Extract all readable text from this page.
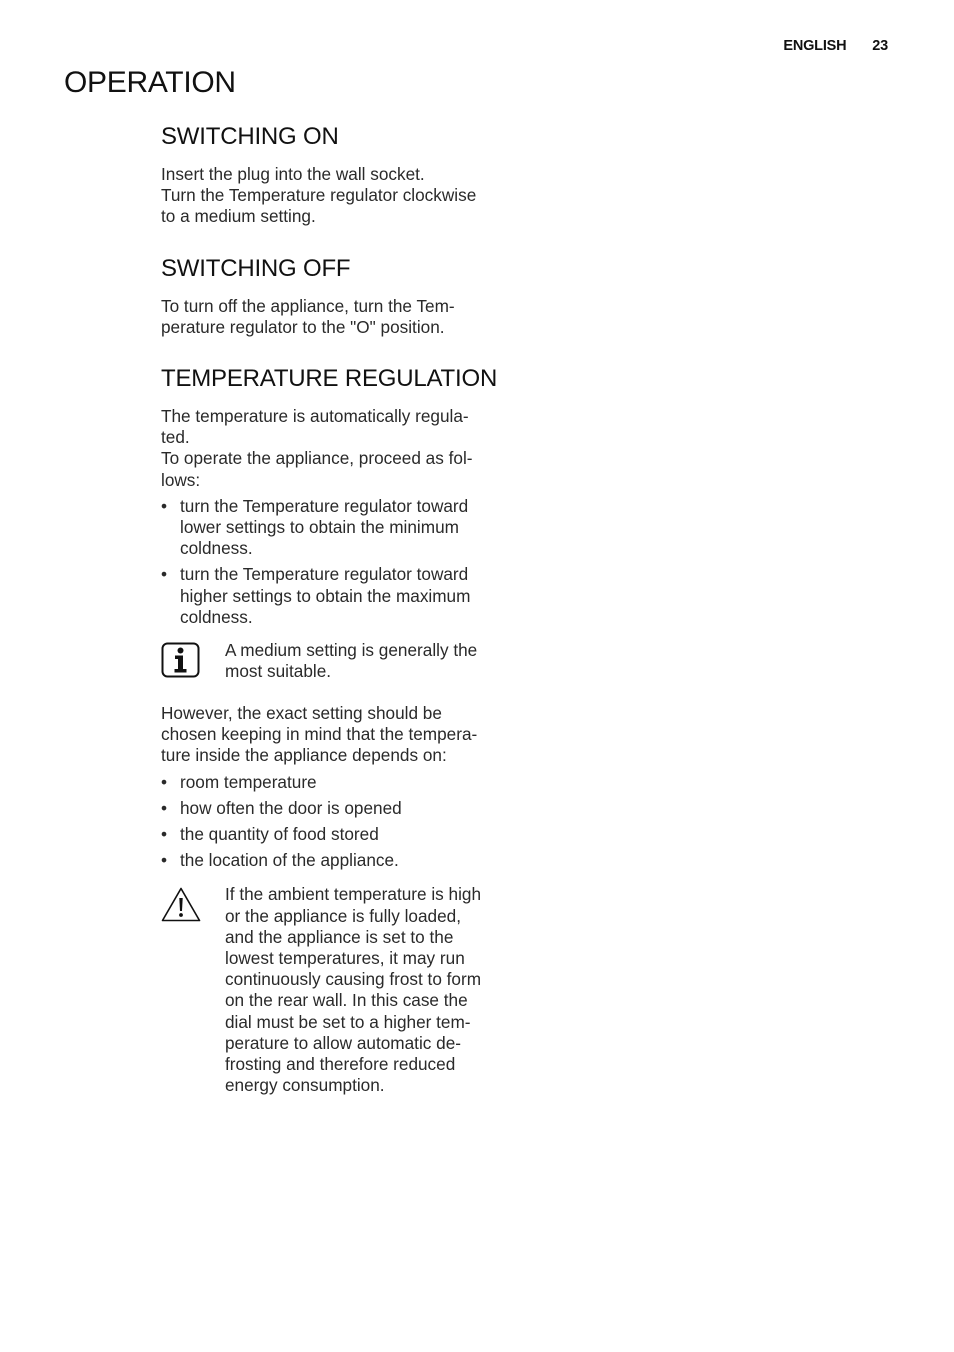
ENGLISH 23
OPERATION
SWITCHING ON

Insert the plug into the wall socket.

Turn the Temperature regulator clockwise

to a medium setting.

SWITCHING OFF

To turn off the appliance, turn the Tem-

perature regulator to the "O" position.

TEMPERATURE REGULATION

The temperature is automatically regula-

ted.

To operate the appliance, proceed as fol-

lows:

• turn the Temperature regulator toward
lower settings to obtain the minimum
coldness.
• turn the Temperature regulator toward
higher settings to obtain the maximum
coldness.

A medium setting is generally the

most suitable.

However, the exact setting should be

chosen keeping in mind that the tempera-

ture inside the appliance depends on:

• room temperature
• how often the door is opened
• the quantity of food stored
• the location of the appliance.

If the ambient temperature is high

or the appliance is fully loaded,

and the appliance is set to the

lowest temperatures, it may run

continuously causing frost to form

on the rear wall. In this case the

dial must be set to a higher tem-

perature to allow automatic de-

frosting and therefore reduced

energy consumption.
